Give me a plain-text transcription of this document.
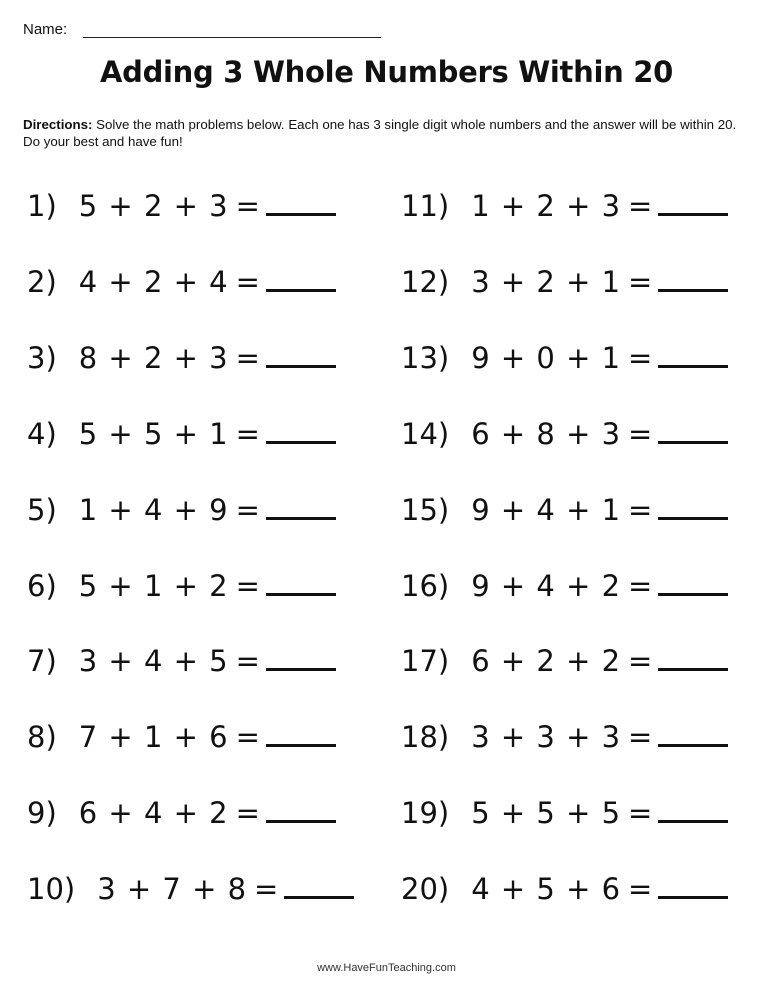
Name:
Adding 3 Whole Numbers Within 20
Directions: Solve the math problems below. Each one has 3 single digit whole numbers and the answer will be within 20. Do your best and have fun!
1) 5 + 2 + 3 =
2) 4 + 2 + 4 =
3) 8 + 2 + 3 =
4) 5 + 5 + 1 =
5) 1 + 4 + 9 =
6) 5 + 1 + 2 =
7) 3 + 4 + 5 =
8) 7 + 1 + 6 =
9) 6 + 4 + 2 =
10) 3 + 7 + 8 =
11) 1 + 2 + 3 =
12) 3 + 2 + 1 =
13) 9 + 0 + 1 =
14) 6 + 8 + 3 =
15) 9 + 4 + 1 =
16) 9 + 4 + 2 =
17) 6 + 2 + 2 =
18) 3 + 3 + 3 =
19) 5 + 5 + 5 =
20) 4 + 5 + 6 =
www.HaveFunTeaching.com
